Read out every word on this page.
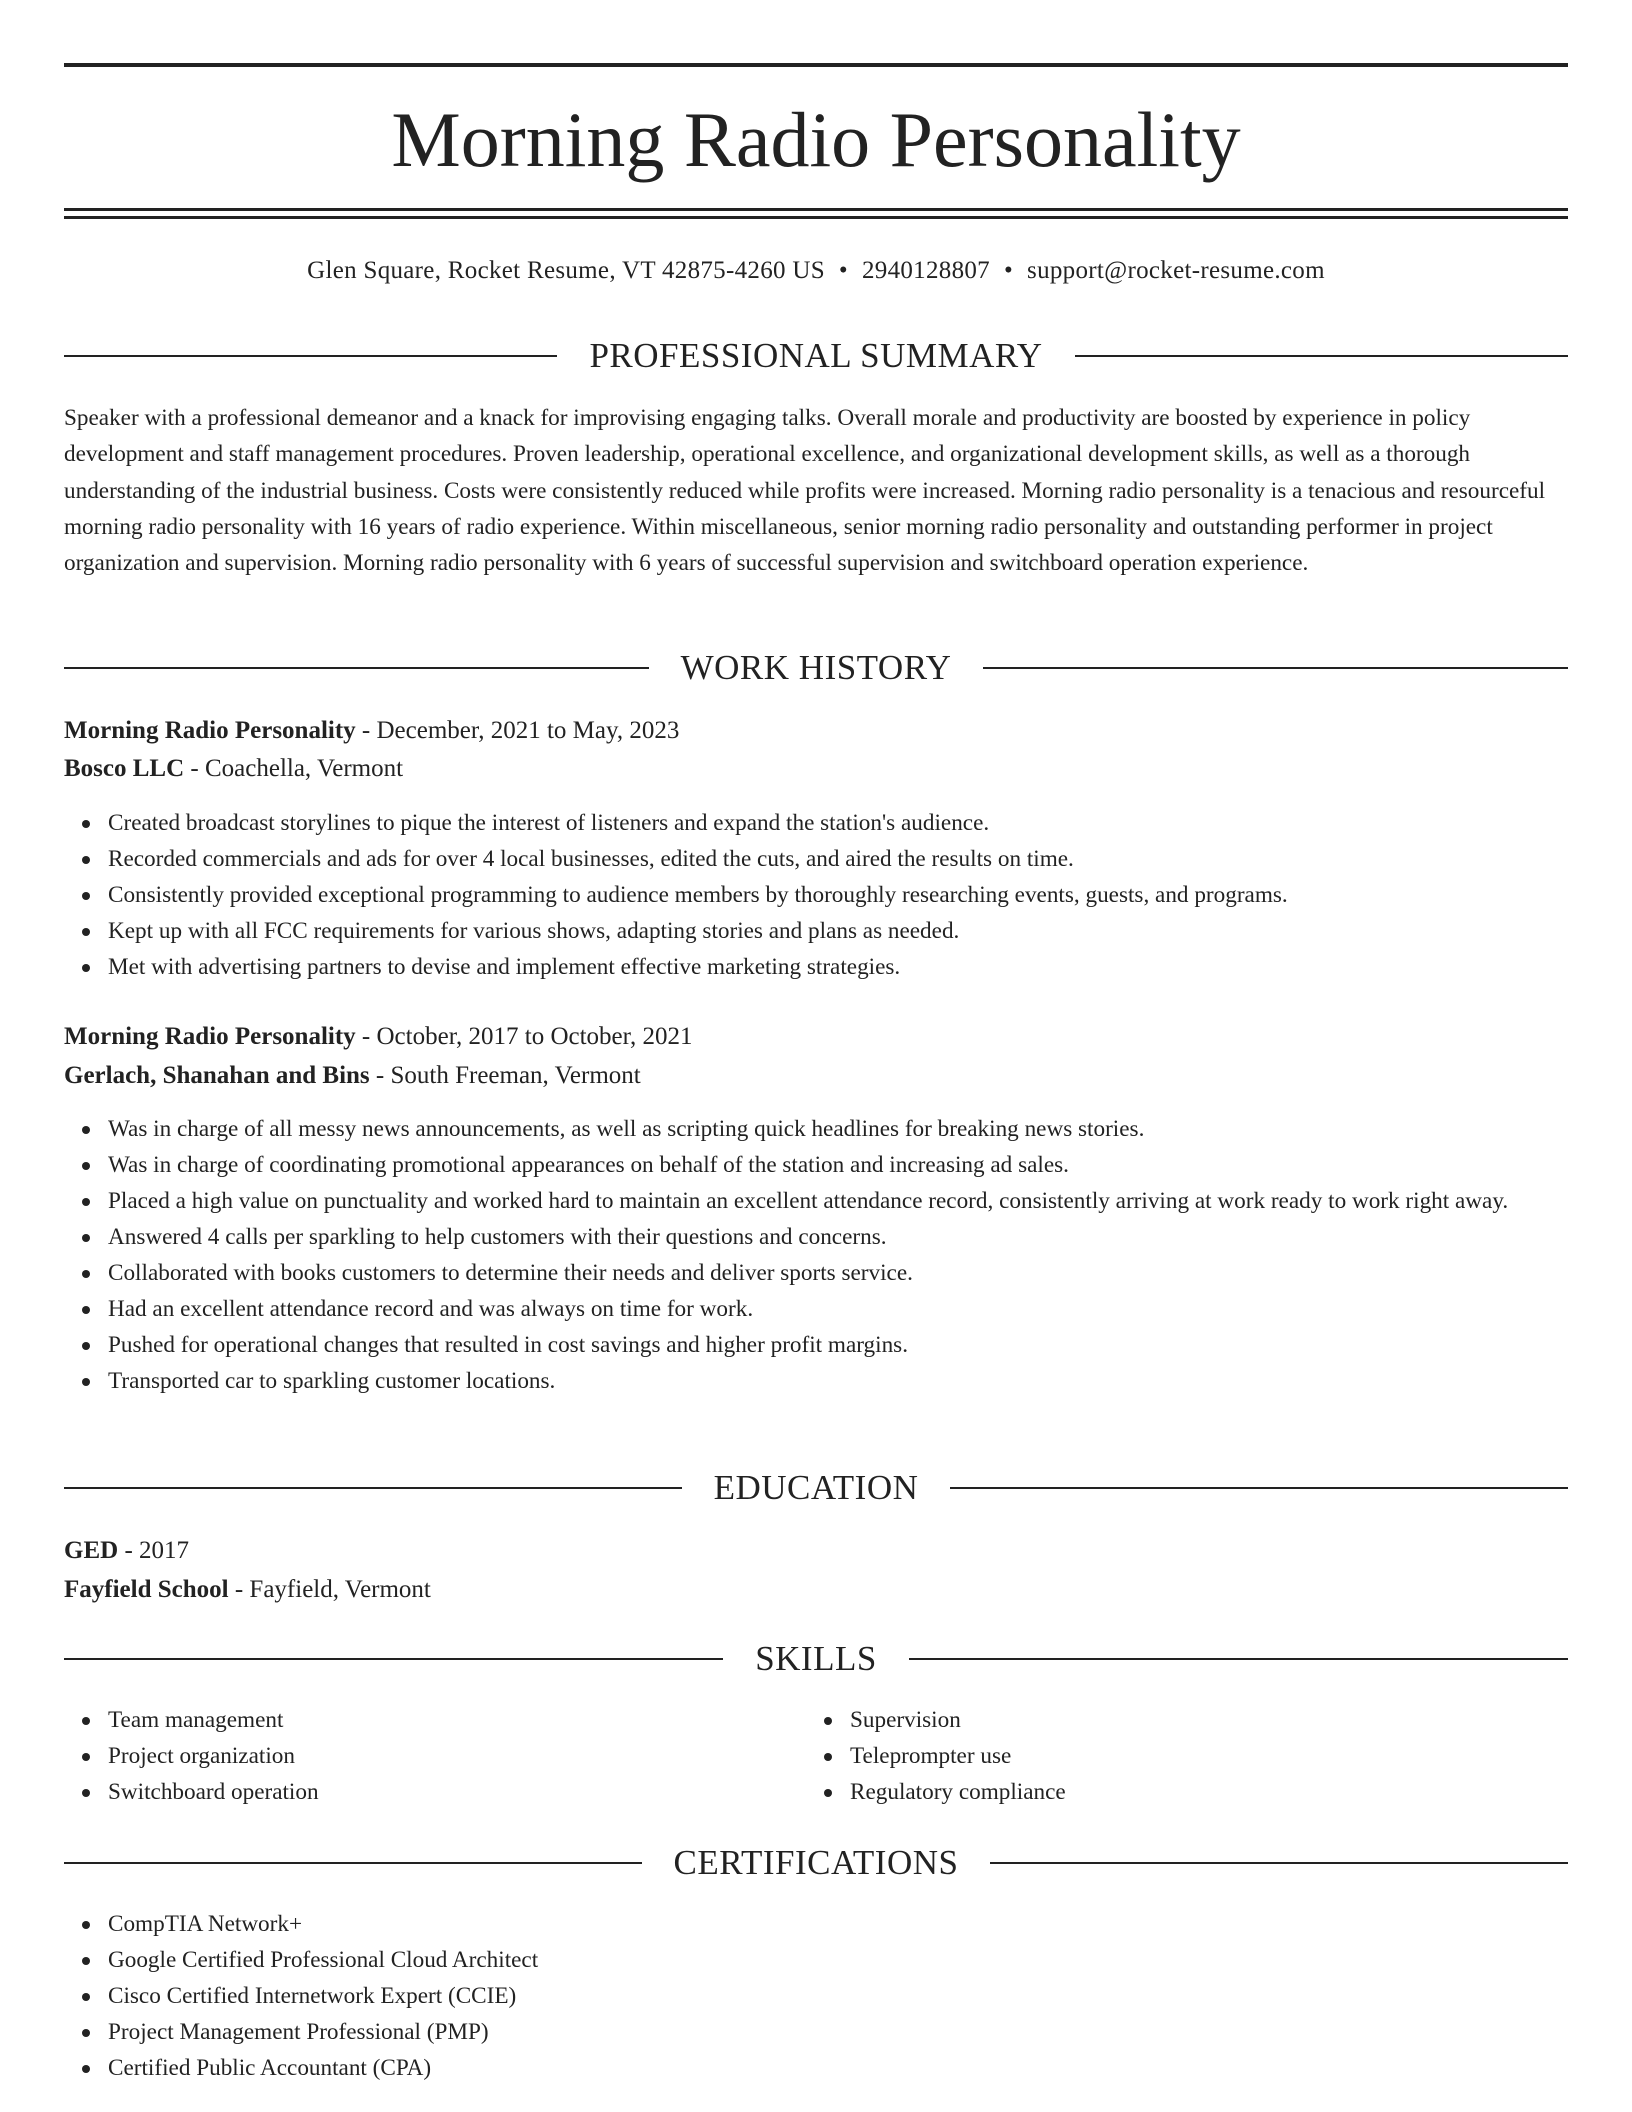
Morning Radio Personality
Glen Square, Rocket Resume, VT 42875-4260 US • 2940128807 • support@rocket-resume.com
PROFESSIONAL SUMMARY

Speaker with a professional demeanor and a knack for improvising engaging talks. Overall morale and productivity are boosted by experience in policy development and staff management procedures. Proven leadership, operational excellence, and organizational development skills, as well as a thorough understanding of the industrial business. Costs were consistently reduced while profits were increased. Morning radio personality is a tenacious and resourceful morning radio personality with 16 years of radio experience. Within miscellaneous, senior morning radio personality and outstanding performer in project organization and supervision. Morning radio personality with 6 years of successful supervision and switchboard operation experience.

WORK HISTORY
Morning Radio Personality - December, 2021 to May, 2023
Bosco LLC - Coachella, Vermont
Created broadcast storylines to pique the interest of listeners and expand the station's audience.
Recorded commercials and ads for over 4 local businesses, edited the cuts, and aired the results on time.
Consistently provided exceptional programming to audience members by thoroughly researching events, guests, and programs.
Kept up with all FCC requirements for various shows, adapting stories and plans as needed.
Met with advertising partners to devise and implement effective marketing strategies.
Morning Radio Personality - October, 2017 to October, 2021
Gerlach, Shanahan and Bins - South Freeman, Vermont
Was in charge of all messy news announcements, as well as scripting quick headlines for breaking news stories.
Was in charge of coordinating promotional appearances on behalf of the station and increasing ad sales.
Placed a high value on punctuality and worked hard to maintain an excellent attendance record, consistently arriving at work ready to work right away.
Answered 4 calls per sparkling to help customers with their questions and concerns.
Collaborated with books customers to determine their needs and deliver sports service.
Had an excellent attendance record and was always on time for work.
Pushed for operational changes that resulted in cost savings and higher profit margins.
Transported car to sparkling customer locations.
EDUCATION
GED - 2017
Fayfield School - Fayfield, Vermont
SKILLS
Team management
Project organization
Switchboard operation
Supervision
Teleprompter use
Regulatory compliance
CERTIFICATIONS
CompTIA Network+
Google Certified Professional Cloud Architect
Cisco Certified Internetwork Expert (CCIE)
Project Management Professional (PMP)
Certified Public Accountant (CPA)
